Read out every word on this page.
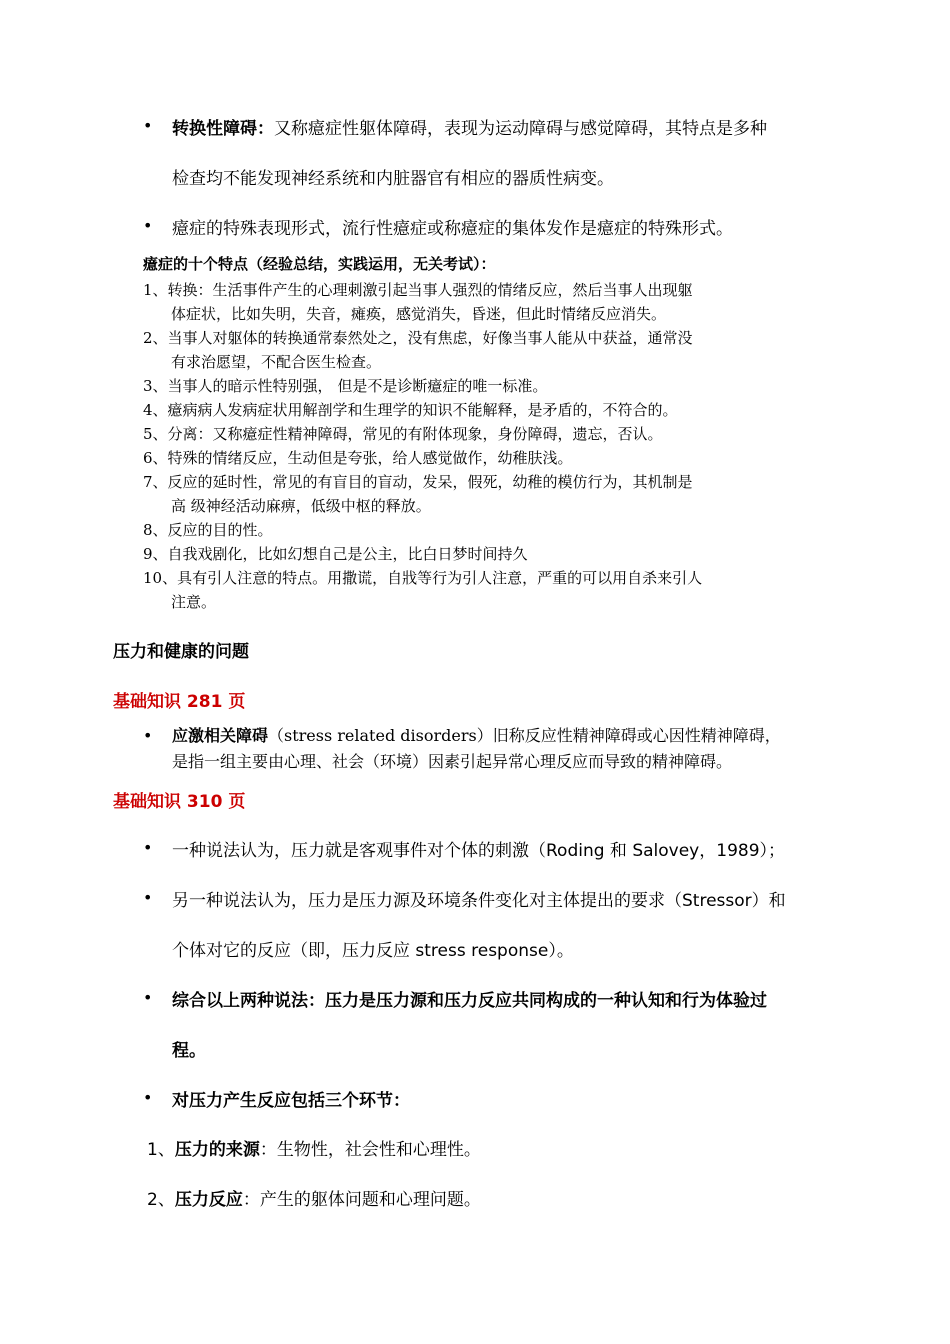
• 转换性障碍：又称癔症性躯体障碍，表现为运动障碍与感觉障碍，其特点是多种
检查均不能发现神经系统和内脏器官有相应的器质性病变。
• 癔症的特殊表现形式，流行性癔症或称癔症的集体发作是癔症的特殊形式。
癔症的十个特点（经验总结，实践运用，无关考试）：
1、转换：生活事件产生的心理刺激引起当事人强烈的情绪反应，然后当事人出现躯
体症状，比如失明，失音，瘫痪，感觉消失，昏迷，但此时情绪反应消失。
2、当事人对躯体的转换通常泰然处之，没有焦虑，好像当事人能从中获益，通常没
有求治愿望，不配合医生检查。
3、当事人的暗示性特别强， 但是不是诊断癔症的唯一标准。
4、癔病病人发病症状用解剖学和生理学的知识不能解释，是矛盾的，不符合的。
5、分离：又称癔症性精神障碍，常见的有附体现象，身份障碍，遗忘，否认。
6、特殊的情绪反应，生动但是夸张，给人感觉做作，幼稚肤浅。
7、反应的延时性，常见的有盲目的盲动，发呆，假死，幼稚的模仿行为，其机制是
高 级神经活动麻痹，低级中枢的释放。
8、反应的目的性。
9、自我戏剧化，比如幻想自己是公主，比白日梦时间持久
10、具有引人注意的特点。用撒谎，自戕等行为引人注意，严重的可以用自杀来引人
注意。
压力和健康的问题
基础知识 281 页
• 应激相关障碍（stress related disorders）旧称反应性精神障碍或心因性精神障碍，
是指一组主要由心理、社会（环境）因素引起异常心理反应而导致的精神障碍。
基础知识 310 页
• 一种说法认为，压力就是客观事件对个体的刺激（Roding 和 Salovey，1989）；
• 另一种说法认为，压力是压力源及环境条件变化对主体提出的要求（Stressor）和
个体对它的反应（即，压力反应 stress response）。
• 综合以上两种说法：压力是压力源和压力反应共同构成的一种认知和行为体验过
程。
• 对压力产生反应包括三个环节：
1、压力的来源：生物性，社会性和心理性。
2、压力反应：产生的躯体问题和心理问题。
